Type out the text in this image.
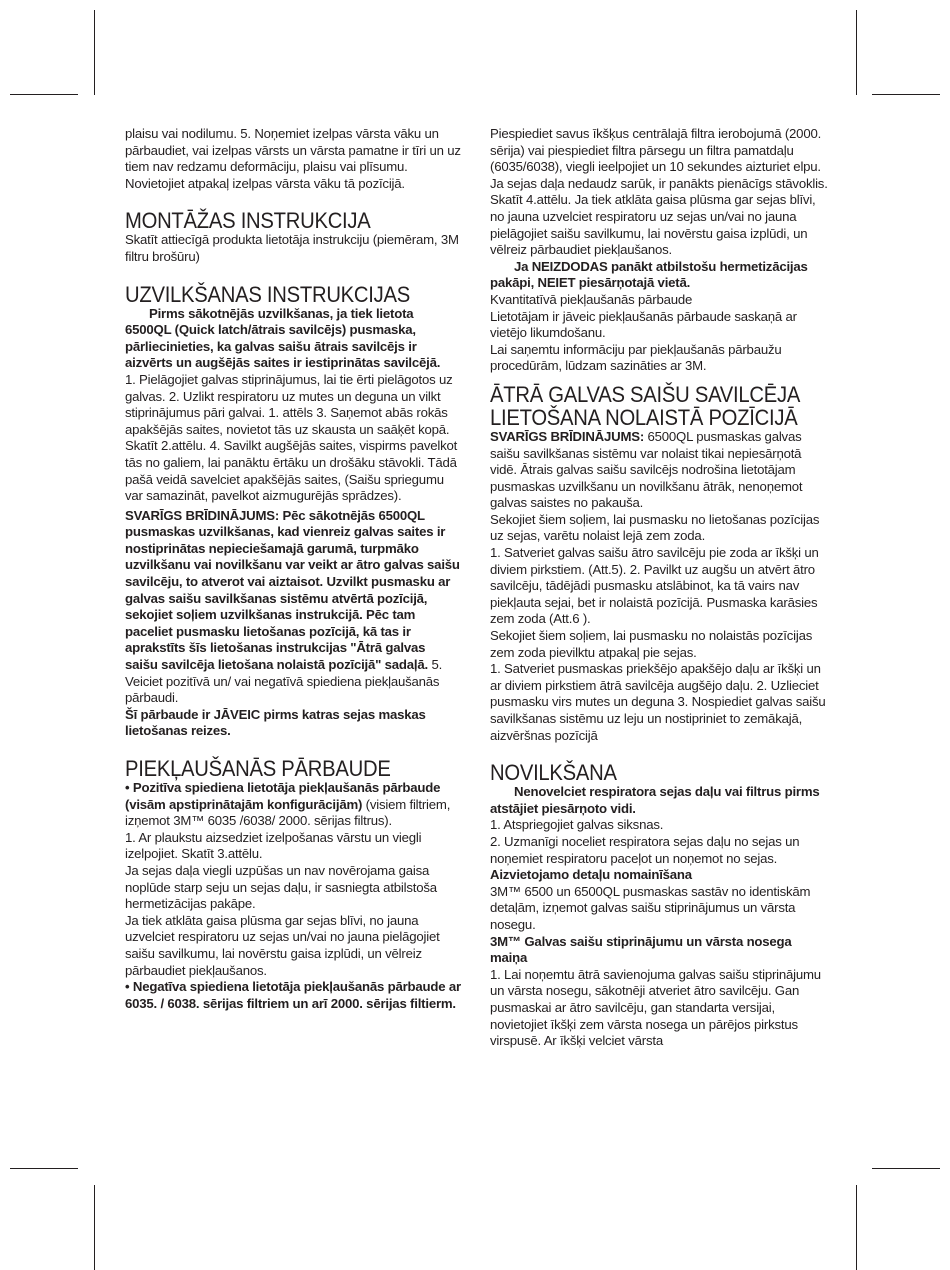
plaisu vai nodilumu. 5. Noņemiet izelpas vārsta vāku un pārbaudiet, vai izelpas vārsts un vārsta pamatne ir tīri un uz tiem nav redzamu deformāciju, plaisu vai plīsumu. Novietojiet atpakaļ izelpas vārsta vāku tā pozīcijā.

MONTĀŽAS INSTRUKCIJA

Skatīt attiecīgā produkta lietotāja instrukciju (piemēram, 3M filtru brošūru)

UZVILKŠANAS INSTRUKCIJAS

Pirms sākotnējās uzvilkšanas, ja tiek lietota 6500QL (Quick latch/ātrais savilcējs) pusmaska, pārliecinieties, ka galvas saišu ātrais savilcējs ir aizvērts un augšējās saites ir iestiprinātas savilcējā.

1. Pielāgojiet galvas stiprinājumus, lai tie ērti pielāgotos uz galvas. 2. Uzlikt respiratoru uz mutes un deguna un vilkt stiprinājumus pāri galvai. 1. attēls 3. Saņemot abās rokās apakšējās saites, novietot tās uz skausta un saāķēt kopā. Skatīt 2.attēlu. 4. Savilkt augšējās saites, vispirms pavelkot tās no galiem, lai panāktu ērtāku un drošāku stāvokli. Tādā pašā veidā savelciet apakšējās saites, (Saišu spriegumu var samazināt, pavelkot aizmugurējās sprādzes).

SVARĪGS BRĪDINĀJUMS: Pēc sākotnējās 6500QL pusmaskas uzvilkšanas, kad vienreiz galvas saites ir nostiprinātas nepieciešamajā garumā, turpmāko uzvilkšanu vai novilkšanu var veikt ar ātro galvas saišu savilcēju, to atverot vai aiztaisot. Uzvilkt pusmasku ar galvas saišu savilkšanas sistēmu atvērtā pozīcijā, sekojiet soļiem uzvilkšanas instrukcijā. Pēc tam paceliet pusmasku lietošanas pozīcijā, kā tas ir aprakstīts šīs lietošanas instrukcijas "Ātrā galvas saišu savilcēja lietošana nolaistā pozīcijā" sadaļā. 5. Veiciet pozitīvā un/ vai negatīvā spiediena piekļaušanās pārbaudi.

Šī pārbaude ir JĀVEIC pirms katras sejas maskas lietošanas reizes.

PIEKĻAUŠANĀS PĀRBAUDE

• Pozitīva spiediena lietotāja piekļaušanās pārbaude (visām apstiprinātajām konfigurācijām) (visiem filtriem, izņemot 3M™ 6035 /6038/ 2000. sērijas filtrus).

1. Ar plaukstu aizsedziet izelpošanas vārstu un viegli izelpojiet. Skatīt 3.attēlu.

Ja sejas daļa viegli uzpūšas un nav novērojama gaisa noplūde starp seju un sejas daļu, ir sasniegta atbilstoša hermetizācijas pakāpe.

Ja tiek atklāta gaisa plūsma gar sejas blīvi, no jauna uzvelciet respiratoru uz sejas un/vai no jauna pielāgojiet saišu savilkumu, lai novērstu gaisa izplūdi, un vēlreiz pārbaudiet piekļaušanos.

• Negatīva spiediena lietotāja piekļaušanās pārbaude ar 6035. / 6038. sērijas filtriem un arī 2000. sērijas filtierm.

Piespiediet savus īkšķus centrālajā filtra ierobojumā (2000. sērija) vai piespiediet filtra pārsegu un filtra pamatdaļu (6035/6038), viegli ieelpojiet un 10 sekundes aizturiet elpu.

Ja sejas daļa nedaudz sarūk, ir panākts pienācīgs stāvoklis. Skatīt 4.attēlu. Ja tiek atklāta gaisa plūsma gar sejas blīvi, no jauna uzvelciet respiratoru uz sejas un/vai no jauna pielāgojiet saišu savilkumu, lai novērstu gaisa izplūdi, un vēlreiz pārbaudiet piekļaušanos.

Ja NEIZDODAS panākt atbilstošu hermetizācijas pakāpi, NEIET piesārņotajā vietā.

Kvantitatīvā piekļaušanās pārbaude

Lietotājam ir jāveic piekļaušanās pārbaude saskaņā ar vietējo likumdošanu.

Lai saņemtu informāciju par piekļaušanās pārbaužu procedūrām, lūdzam sazināties ar 3M.

ĀTRĀ GALVAS SAIŠU SAVILCĒJA LIETOŠANA NOLAISTĀ POZĪCIJĀ

SVARĪGS BRĪDINĀJUMS: 6500QL pusmaskas galvas saišu savilkšanas sistēmu var nolaist tikai nepiesārņotā vidē. Ātrais galvas saišu savilcējs nodrošina lietotājam pusmaskas uzvilkšanu un novilkšanu ātrāk, nenoņemot galvas saistes no pakauša.

Sekojiet šiem soļiem, lai pusmasku no lietošanas pozīcijas uz sejas, varētu nolaist lejā zem zoda.

1. Satveriet galvas saišu ātro savilcēju pie zoda ar īkšķi un diviem pirkstiem. (Att.5). 2. Pavilkt uz augšu un atvērt ātro savilcēju, tādējādi pusmasku atslābinot, ka tā vairs nav piekļauta sejai, bet ir nolaistā pozīcijā. Pusmaska karāsies zem zoda (Att.6 ).

Sekojiet šiem soļiem, lai pusmasku no nolaistās pozīcijas zem zoda pievilktu atpakaļ pie sejas.

1. Satveriet pusmaskas priekšējo apakšējo daļu ar īkšķi un ar diviem pirkstiem ātrā savilcēja augšējo daļu. 2. Uzlieciet pusmasku virs mutes un deguna 3. Nospiediet galvas saišu savilkšanas sistēmu uz leju un nostipriniet to zemākajā, aizvēršnas pozīcijā

NOVILKŠANA

Nenovelciet respiratora sejas daļu vai filtrus pirms atstājiet piesārņoto vidi.

1. Atspriegojiet galvas siksnas.

2. Uzmanīgi noceliet respiratora sejas daļu no sejas un noņemiet respiratoru paceļot un noņemot no sejas.

Aizvietojamo detaļu nomainīšana

3M™ 6500 un 6500QL pusmaskas sastāv no identiskām detaļām, izņemot galvas saišu stiprinājumus un vārsta nosegu.

3M™ Galvas saišu stiprinājumu un vārsta nosega maiņa

1. Lai noņemtu ātrā savienojuma galvas saišu stiprinājumu un vārsta nosegu, sākotnēji atveriet ātro savilcēju. Gan pusmaskai ar ātro savilcēju, gan standarta versijai, novietojiet īkšķi zem vārsta nosega un pārējos pirkstus virspusē. Ar īkšķi velciet vārsta
